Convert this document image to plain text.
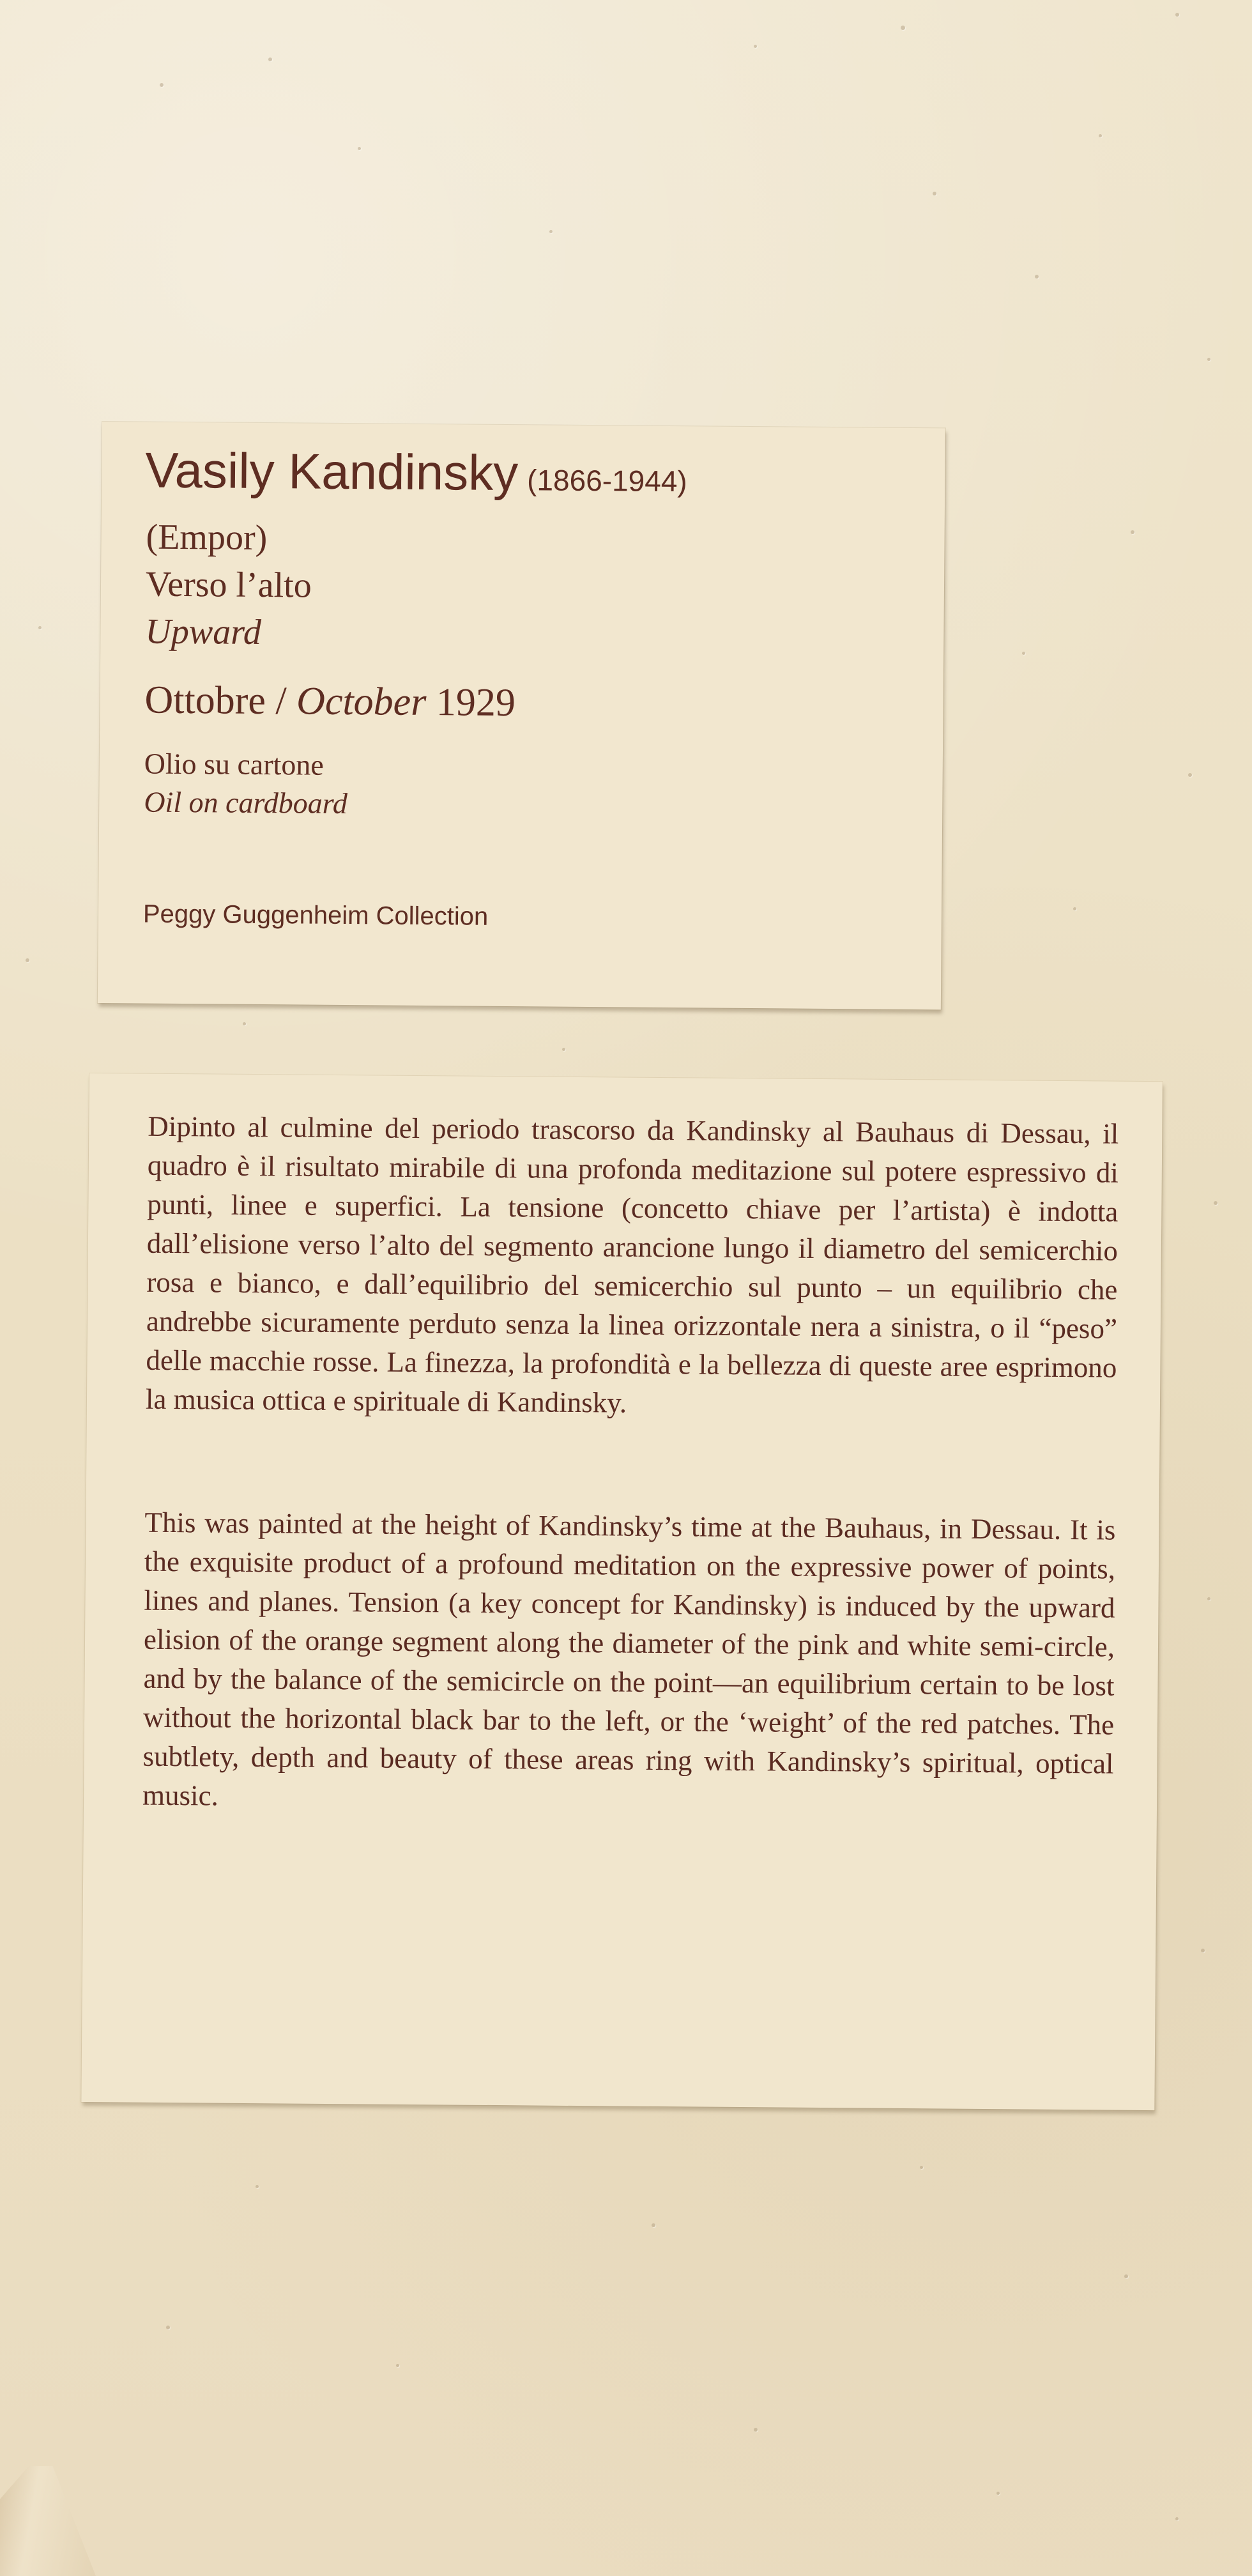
Vasily Kandinsky (1866-1944)
(Empor)
Verso l’alto
Upward
Ottobre / October 1929
Olio su cartone
Oil on cardboard
Peggy Guggenheim Collection
Dipinto al culmine del periodo trascorso da Kandinsky al Bauhaus di Dessau, il quadro è il risultato mirabile di una profonda meditazione sul potere espressivo di punti, linee e superfici. La tensione (concetto chiave per l’artista) è indotta dall’elisione verso l’alto del segmento arancione lungo il diametro del semicerchio rosa e bianco, e dall’equilibrio del semicerchio sul punto – un equilibrio che andrebbe sicuramente perduto senza la linea orizzontale nera a sinistra, o il “peso” delle macchie rosse. La finezza, la profondità e la bellezza di queste aree esprimono la musica ottica e spirituale di Kandinsky.
This was painted at the height of Kandinsky’s time at the Bauhaus, in Dessau. It is the exquisite product of a profound meditation on the expressive power of points, lines and planes. Tension (a key concept for Kandinsky) is induced by the upward elision of the orange segment along the diameter of the pink and white semi-circle, and by the balance of the semicircle on the point—an equilibrium certain to be lost without the horizontal black bar to the left, or the ‘weight’ of the red patches. The subtlety, depth and beauty of these areas ring with Kandinsky’s spiritual, optical music.
